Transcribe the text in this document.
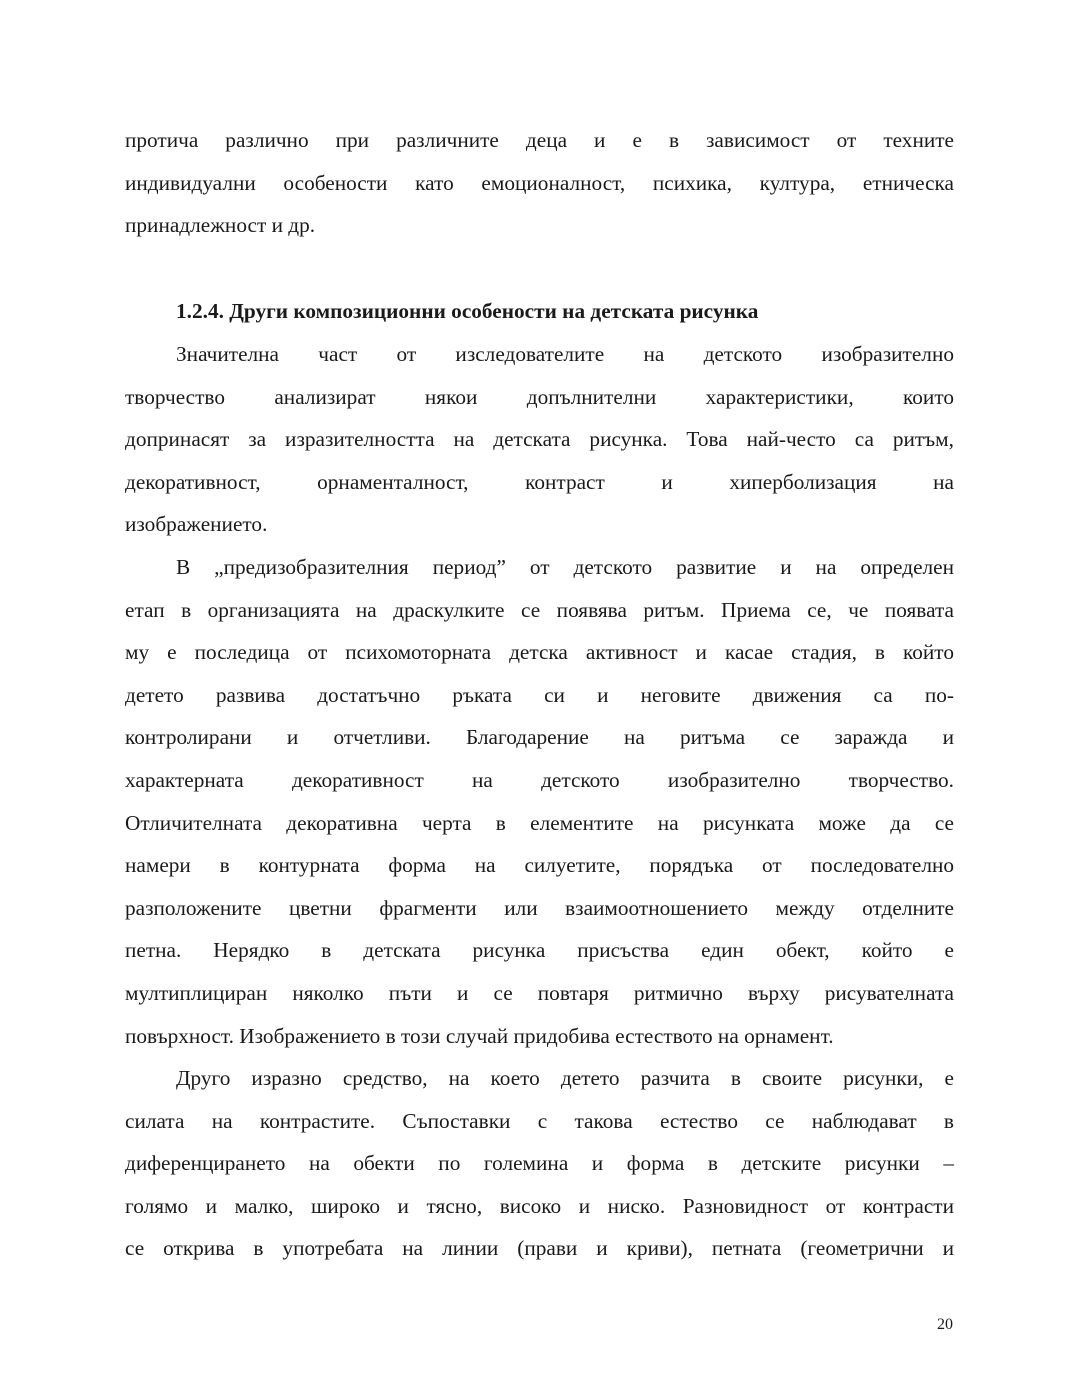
протича различно при различните деца и е в зависимост от техните
индивидуални особености като емоционалност, психика, култура, етническа
принадлежност и др.
1.2.4. Други композиционни особености на детската рисунка
Значителна част от изследователите на детското изобразително
творчество анализират някои допълнителни характеристики, които
допринасят за изразителността на детската рисунка. Това най-често са ритъм,
декоративност, орнаменталност, контраст и хиперболизация на
изображението.
В „предизобразителния период” от детското развитие и на определен
етап в организацията на драскулките се появява ритъм. Приема се, че появата
му е последица от психомоторната детска активност и касае стадия, в който
детето развива достатъчно ръката си и неговите движения са по-
контролирани и отчетливи. Благодарение на ритъма се заражда и
характерната декоративност на детското изобразително творчество.
Отличителната декоративна черта в елементите на рисунката може да се
намери в контурната форма на силуетите, порядъка от последователно
разположените цветни фрагменти или взаимоотношението между отделните
петна. Нерядко в детската рисунка присъства един обект, който е
мултиплициран няколко пъти и се повтаря ритмично върху рисувателната
повърхност. Изображението в този случай придобива естеството на орнамент.
Друго изразно средство, на което детето разчита в своите рисунки, е
силата на контрастите. Съпоставки с такова естество се наблюдават в
диференцирането на обекти по големина и форма в детските рисунки –
голямо и малко, широко и тясно, високо и ниско. Разновидност от контрасти
се открива в употребата на линии (прави и криви), петната (геометрични и
20
